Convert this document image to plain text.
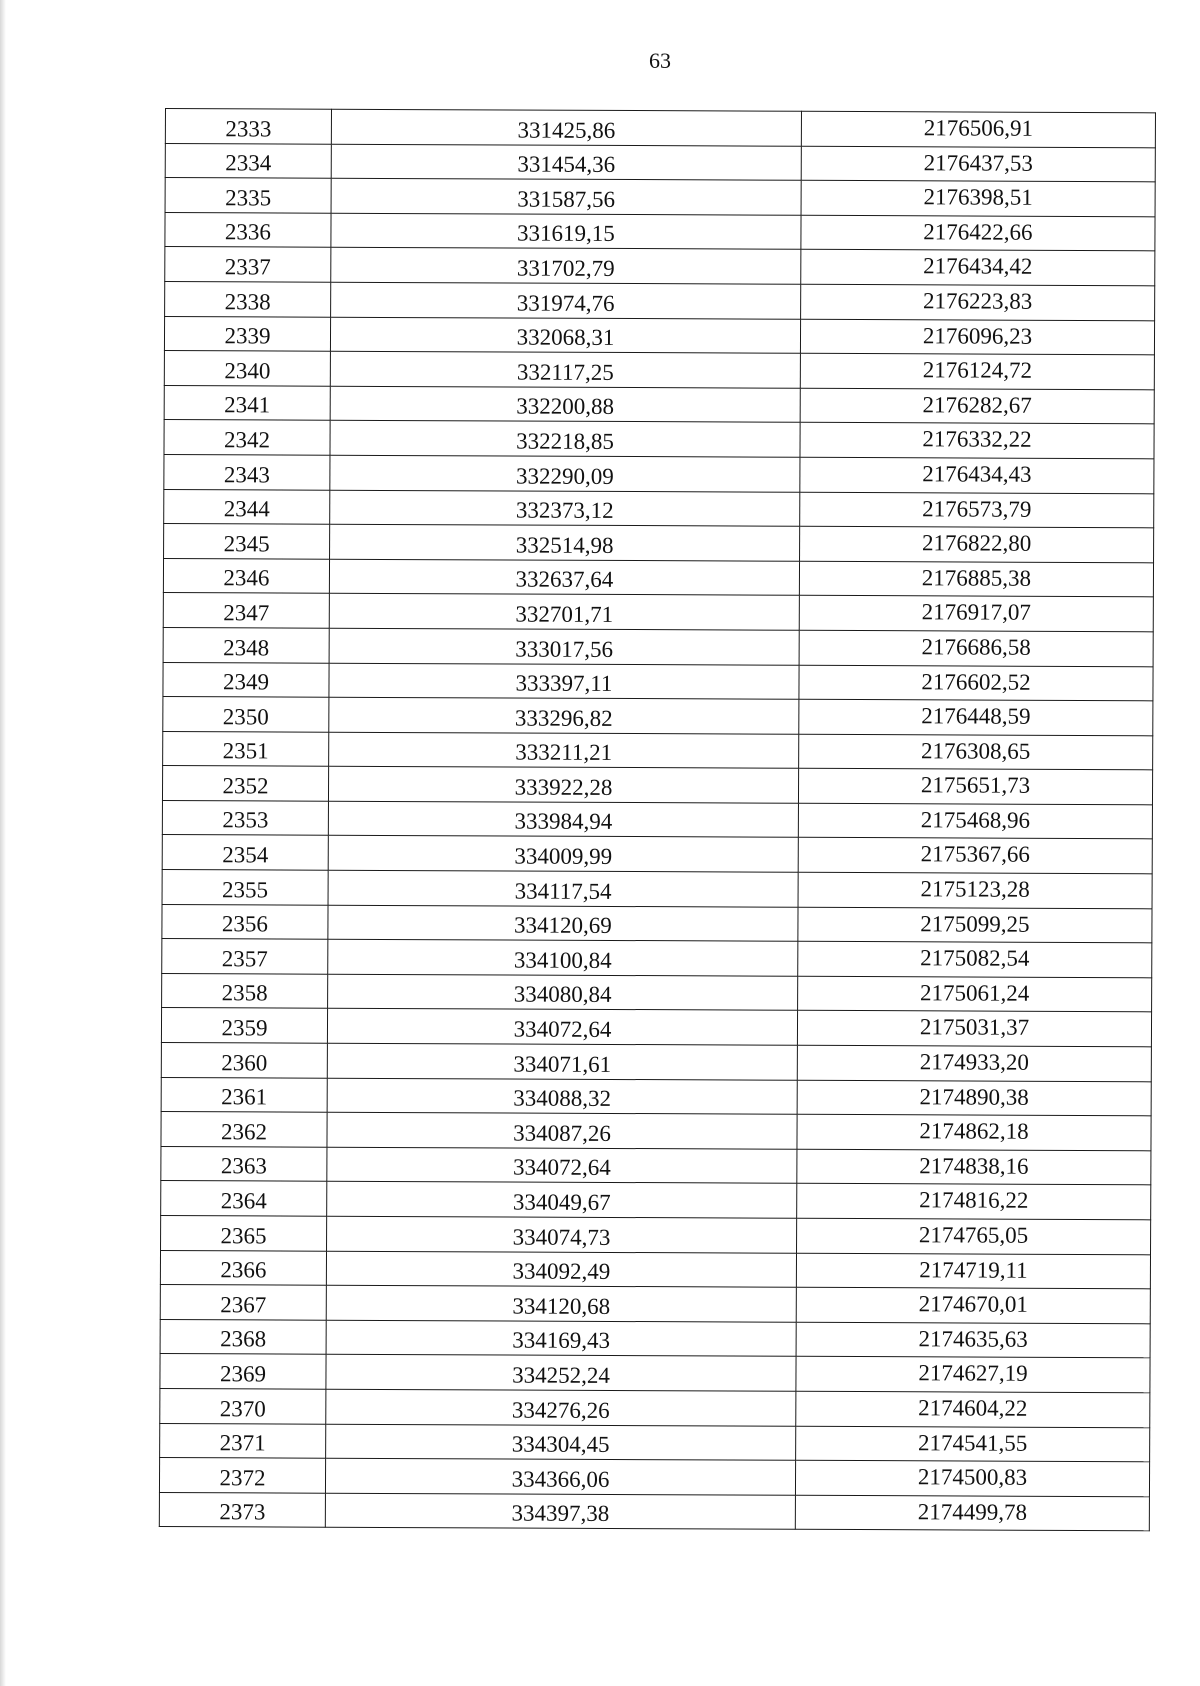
63
2333	331425,86	2176506,91
2334	331454,36	2176437,53
2335	331587,56	2176398,51
2336	331619,15	2176422,66
2337	331702,79	2176434,42
2338	331974,76	2176223,83
2339	332068,31	2176096,23
2340	332117,25	2176124,72
2341	332200,88	2176282,67
2342	332218,85	2176332,22
2343	332290,09	2176434,43
2344	332373,12	2176573,79
2345	332514,98	2176822,80
2346	332637,64	2176885,38
2347	332701,71	2176917,07
2348	333017,56	2176686,58
2349	333397,11	2176602,52
2350	333296,82	2176448,59
2351	333211,21	2176308,65
2352	333922,28	2175651,73
2353	333984,94	2175468,96
2354	334009,99	2175367,66
2355	334117,54	2175123,28
2356	334120,69	2175099,25
2357	334100,84	2175082,54
2358	334080,84	2175061,24
2359	334072,64	2175031,37
2360	334071,61	2174933,20
2361	334088,32	2174890,38
2362	334087,26	2174862,18
2363	334072,64	2174838,16
2364	334049,67	2174816,22
2365	334074,73	2174765,05
2366	334092,49	2174719,11
2367	334120,68	2174670,01
2368	334169,43	2174635,63
2369	334252,24	2174627,19
2370	334276,26	2174604,22
2371	334304,45	2174541,55
2372	334366,06	2174500,83
2373	334397,38	2174499,78
